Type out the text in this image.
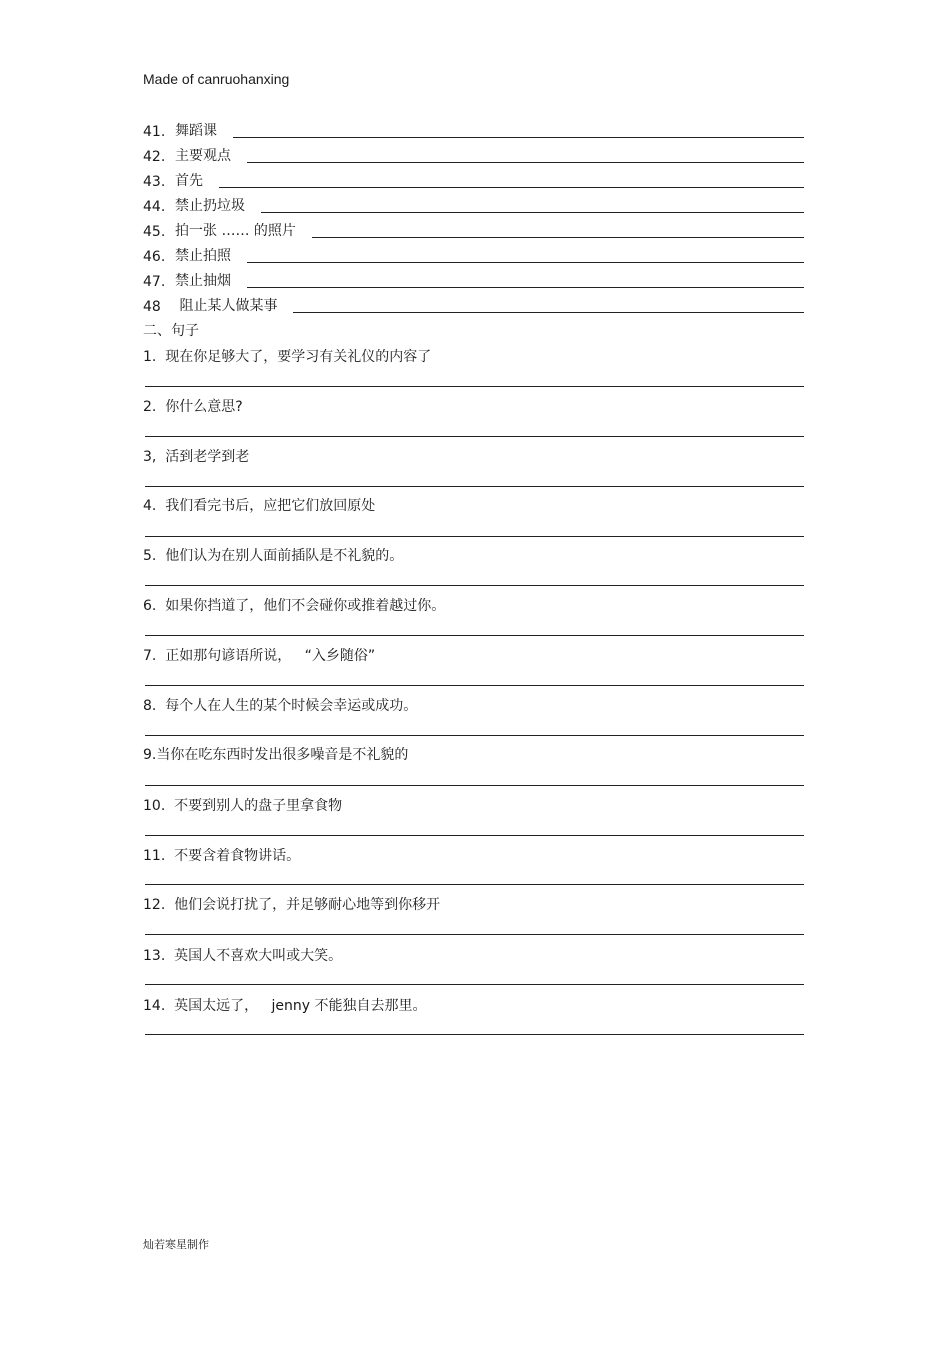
Made of canruohanxing
41. 舞蹈课
42. 主要观点
43. 首先
44. 禁止扔垃圾
45. 拍一张 …… 的照片
46. 禁止拍照
47. 禁止抽烟
48	阻止某人做某事
二、句子
1.  现在你足够大了，要学习有关礼仪的内容了
2.  你什么意思?
3,  活到老学到老
4.  我们看完书后，应把它们放回原处
5.  他们认为在别人面前插队是不礼貌的。
6.  如果你挡道了，他们不会碰你或推着越过你。
7.  正如那句谚语所说，   “入乡随俗”
8.  每个人在人生的某个时候会幸运或成功。
9.当你在吃东西时发出很多噪音是不礼貌的
10.  不要到别人的盘子里拿食物
11.  不要含着食物讲话。
12.  他们会说打扰了，并足够耐心地等到你移开
13.  英国人不喜欢大叫或大笑。
14.  英国太远了，   jenny 不能独自去那里。
灿若寒星制作
